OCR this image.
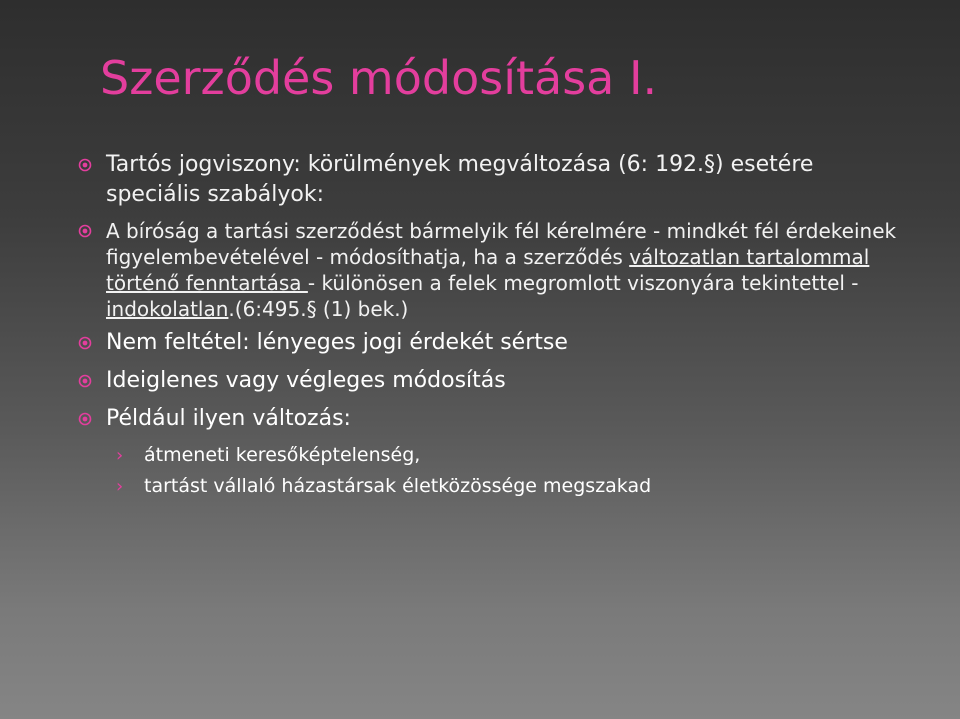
Szerződés módosítása I.
Tartós jogviszony: körülmények megváltozása (6: 192.§) esetére speciális szabályok:
A bíróság a tartási szerződést bármelyik fél kérelmére - mindkét fél érdekeinek figyelembevételével - módosíthatja, ha a szerződés változatlan tartalommal történő fenntartása - különösen a felek megromlott viszonyára tekintettel - indokolatlan.(6:495.§ (1) bek.)
Nem feltétel: lényeges jogi érdekét sértse
Ideiglenes vagy végleges módosítás
Például ilyen változás:
› átmeneti keresőképtelenség,
› tartást vállaló házastársak életközössége megszakad
